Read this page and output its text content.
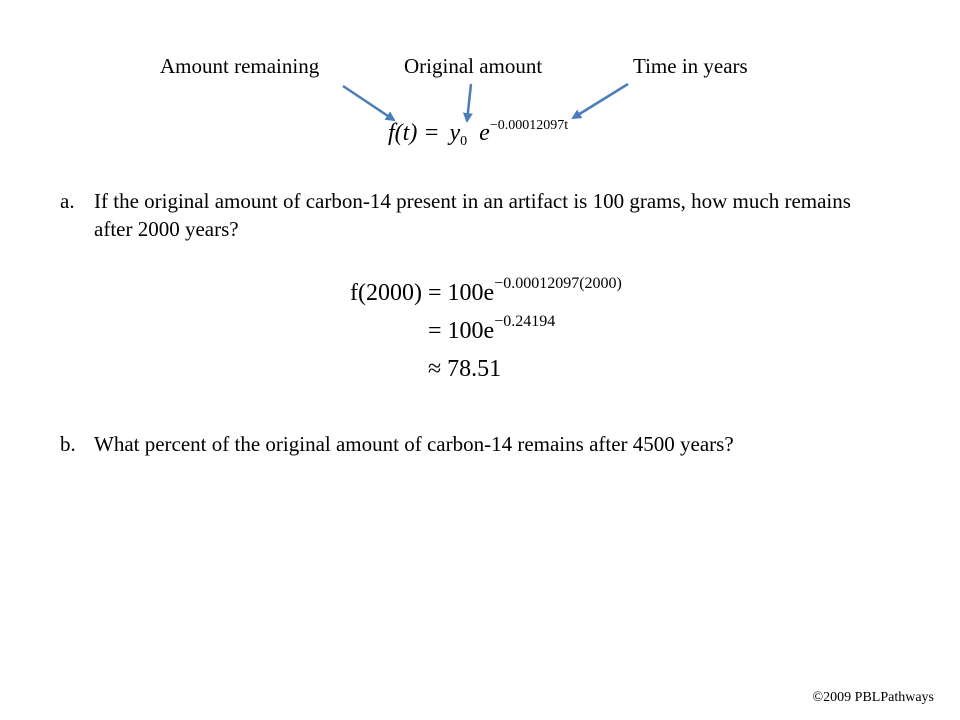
Amount remaining	Original amount	Time in years
$f(t) = y_0$ $e^{-0.00012097t}$
a. If the original amount of carbon-14 present in an artifact is 100 grams, how much remains after 2000 years?
$f(2000) = 100e^{-0.00012097(2000)}$
= $100e^{-0.24194}$
≈ 78.51
b. What percent of the original amount of carbon-14 remains after 4500 years?
©2009 PBLPathways
